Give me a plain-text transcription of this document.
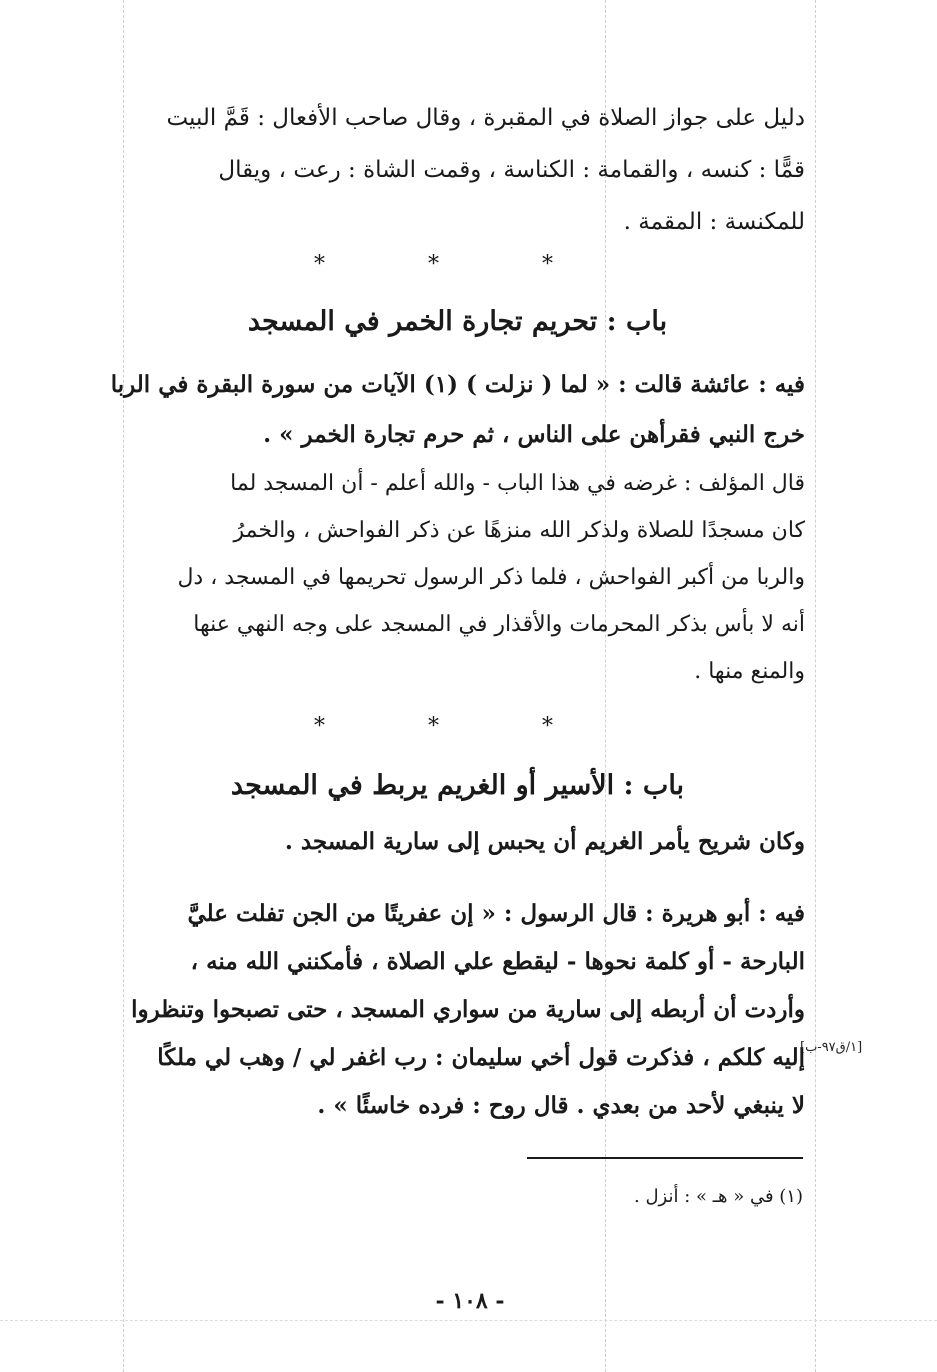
دليل على جواز الصلاة في المقبرة ، وقال صاحب الأفعال : قَمَّ البيت
قمًّا : كنسه ، والقمامة : الكناسة ، وقمت الشاة : رعت ، ويقال
للمكنسة : المقمة .
* * *
باب : تحريم تجارة الخمر في المسجد
فيه : عائشة قالت : « لما ( نزلت ) (١) الآيات من سورة البقرة في الربا
خرج النبي فقرأهن على الناس ، ثم حرم تجارة الخمر » .
قال المؤلف : غرضه في هذا الباب - والله أعلم - أن المسجد لما
كان مسجدًا للصلاة ولذكر الله منزهًا عن ذكر الفواحش ، والخمرُ
والربا من أكبر الفواحش ، فلما ذكر الرسول تحريمها في المسجد ، دل
أنه لا بأس بذكر المحرمات والأقذار في المسجد على وجه النهي عنها
والمنع منها .
* * *
باب : الأسير أو الغريم يربط في المسجد
وكان شريح يأمر الغريم أن يحبس إلى سارية المسجد .
فيه : أبو هريرة : قال الرسول : « إن عفريتًا من الجن تفلت عليَّ
البارحة - أو كلمة نحوها - ليقطع علي الصلاة ، فأمكنني الله منه ،
وأردت أن أربطه إلى سارية من سواري المسجد ، حتى تصبحوا وتنظروا
إليه كلكم ، فذكرت قول أخي سليمان : رب اغفر لي / وهب لي ملكًا
لا ينبغي لأحد من بعدي . قال روح : فرده خاسئًا » .
[١/ق٩٧-ب]
(١) في « هـ » : أنزل .
- ١٠٨ -
